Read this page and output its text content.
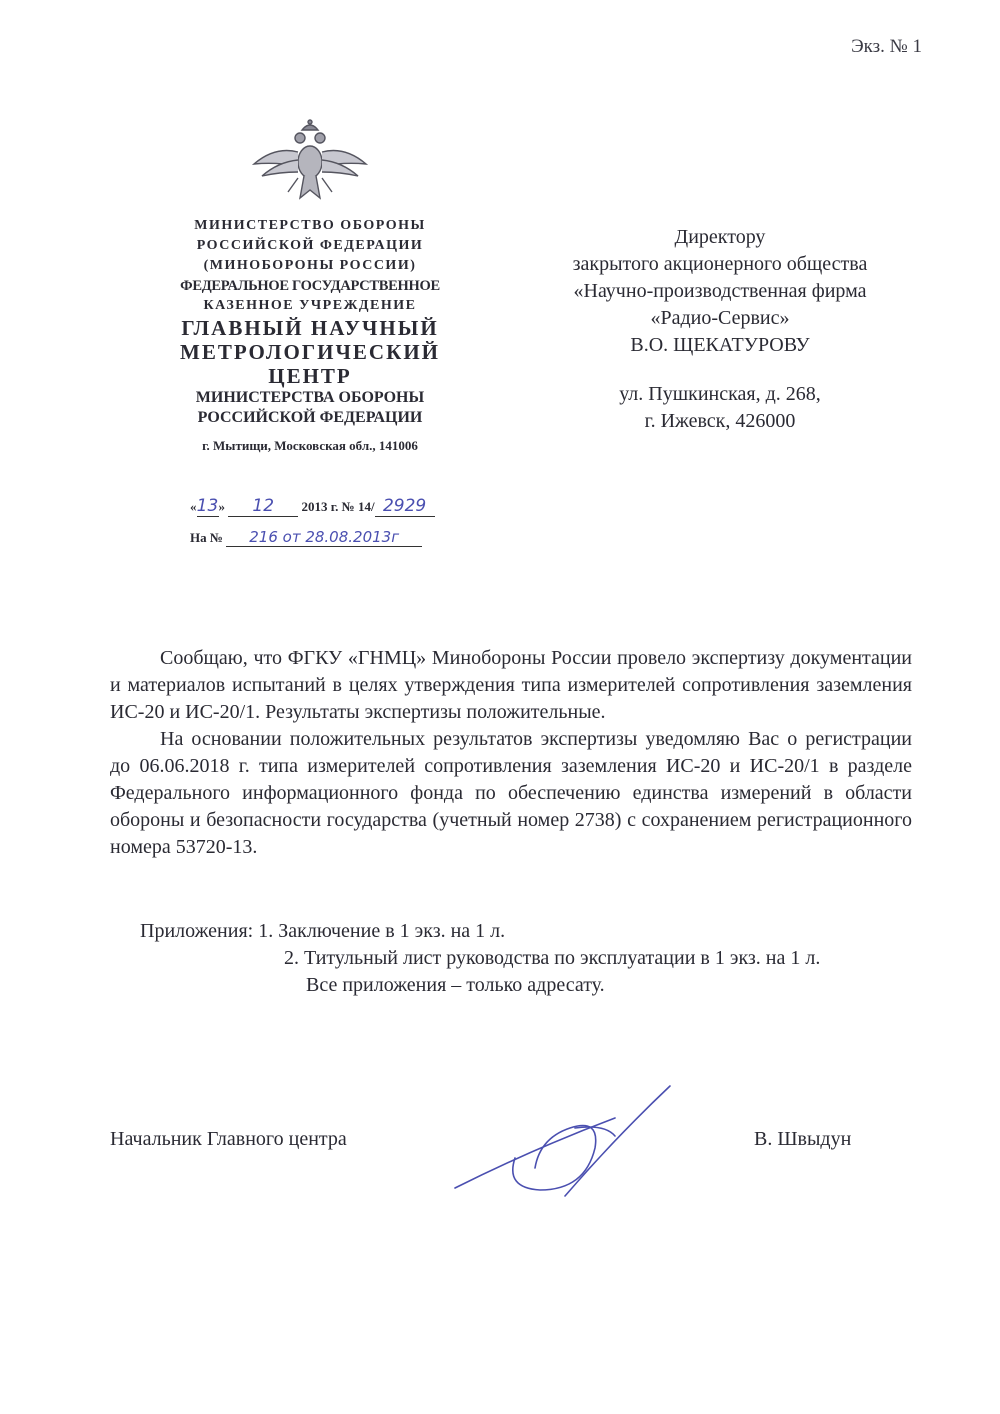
Экз. № 1
МИНИСТЕРСТВО ОБОРОНЫ
РОССИЙСКОЙ ФЕДЕРАЦИИ
(МИНОБОРОНЫ РОССИИ)
ФЕДЕРАЛЬНОЕ ГОСУДАРСТВЕННОЕ
КАЗЕННОЕ УЧРЕЖДЕНИЕ
ГЛАВНЫЙ НАУЧНЫЙ
МЕТРОЛОГИЧЕСКИЙ
ЦЕНТР
МИНИСТЕРСТВА ОБОРОНЫ
РОССИЙСКОЙ ФЕДЕРАЦИИ
г. Мытищи, Московская обл., 141006
«13» 12 2013 г. № 14/ 2929
На № 216 от 28.08.2013г
Директору
закрытого акционерного общества
«Научно-производственная фирма
«Радио-Сервис»
В.О. ЩЕКАТУРОВУ
ул. Пушкинская, д. 268,
г. Ижевск, 426000

Сообщаю, что ФГКУ «ГНМЦ» Минобороны России провело экспертизу документации и материалов испытаний в целях утверждения типа измерителей сопротивления заземления ИС-20 и ИС-20/1. Результаты экспертизы положительные.

На основании положительных результатов экспертизы уведомляю Вас о регистрации до 06.06.2018 г. типа измерителей сопротивления заземления ИС-20 и ИС-20/1 в разделе Федерального информационного фонда по обеспечению единства измерений в области обороны и безопасности государства (учетный номер 2738) с сохранением регистрационного номера 53720-13.

Приложения: 1. Заключение в 1 экз. на 1 л.
2. Титульный лист руководства по эксплуатации в 1 экз. на 1 л.
Все приложения – только адресату.
Начальник Главного центра	В. Швыдун
